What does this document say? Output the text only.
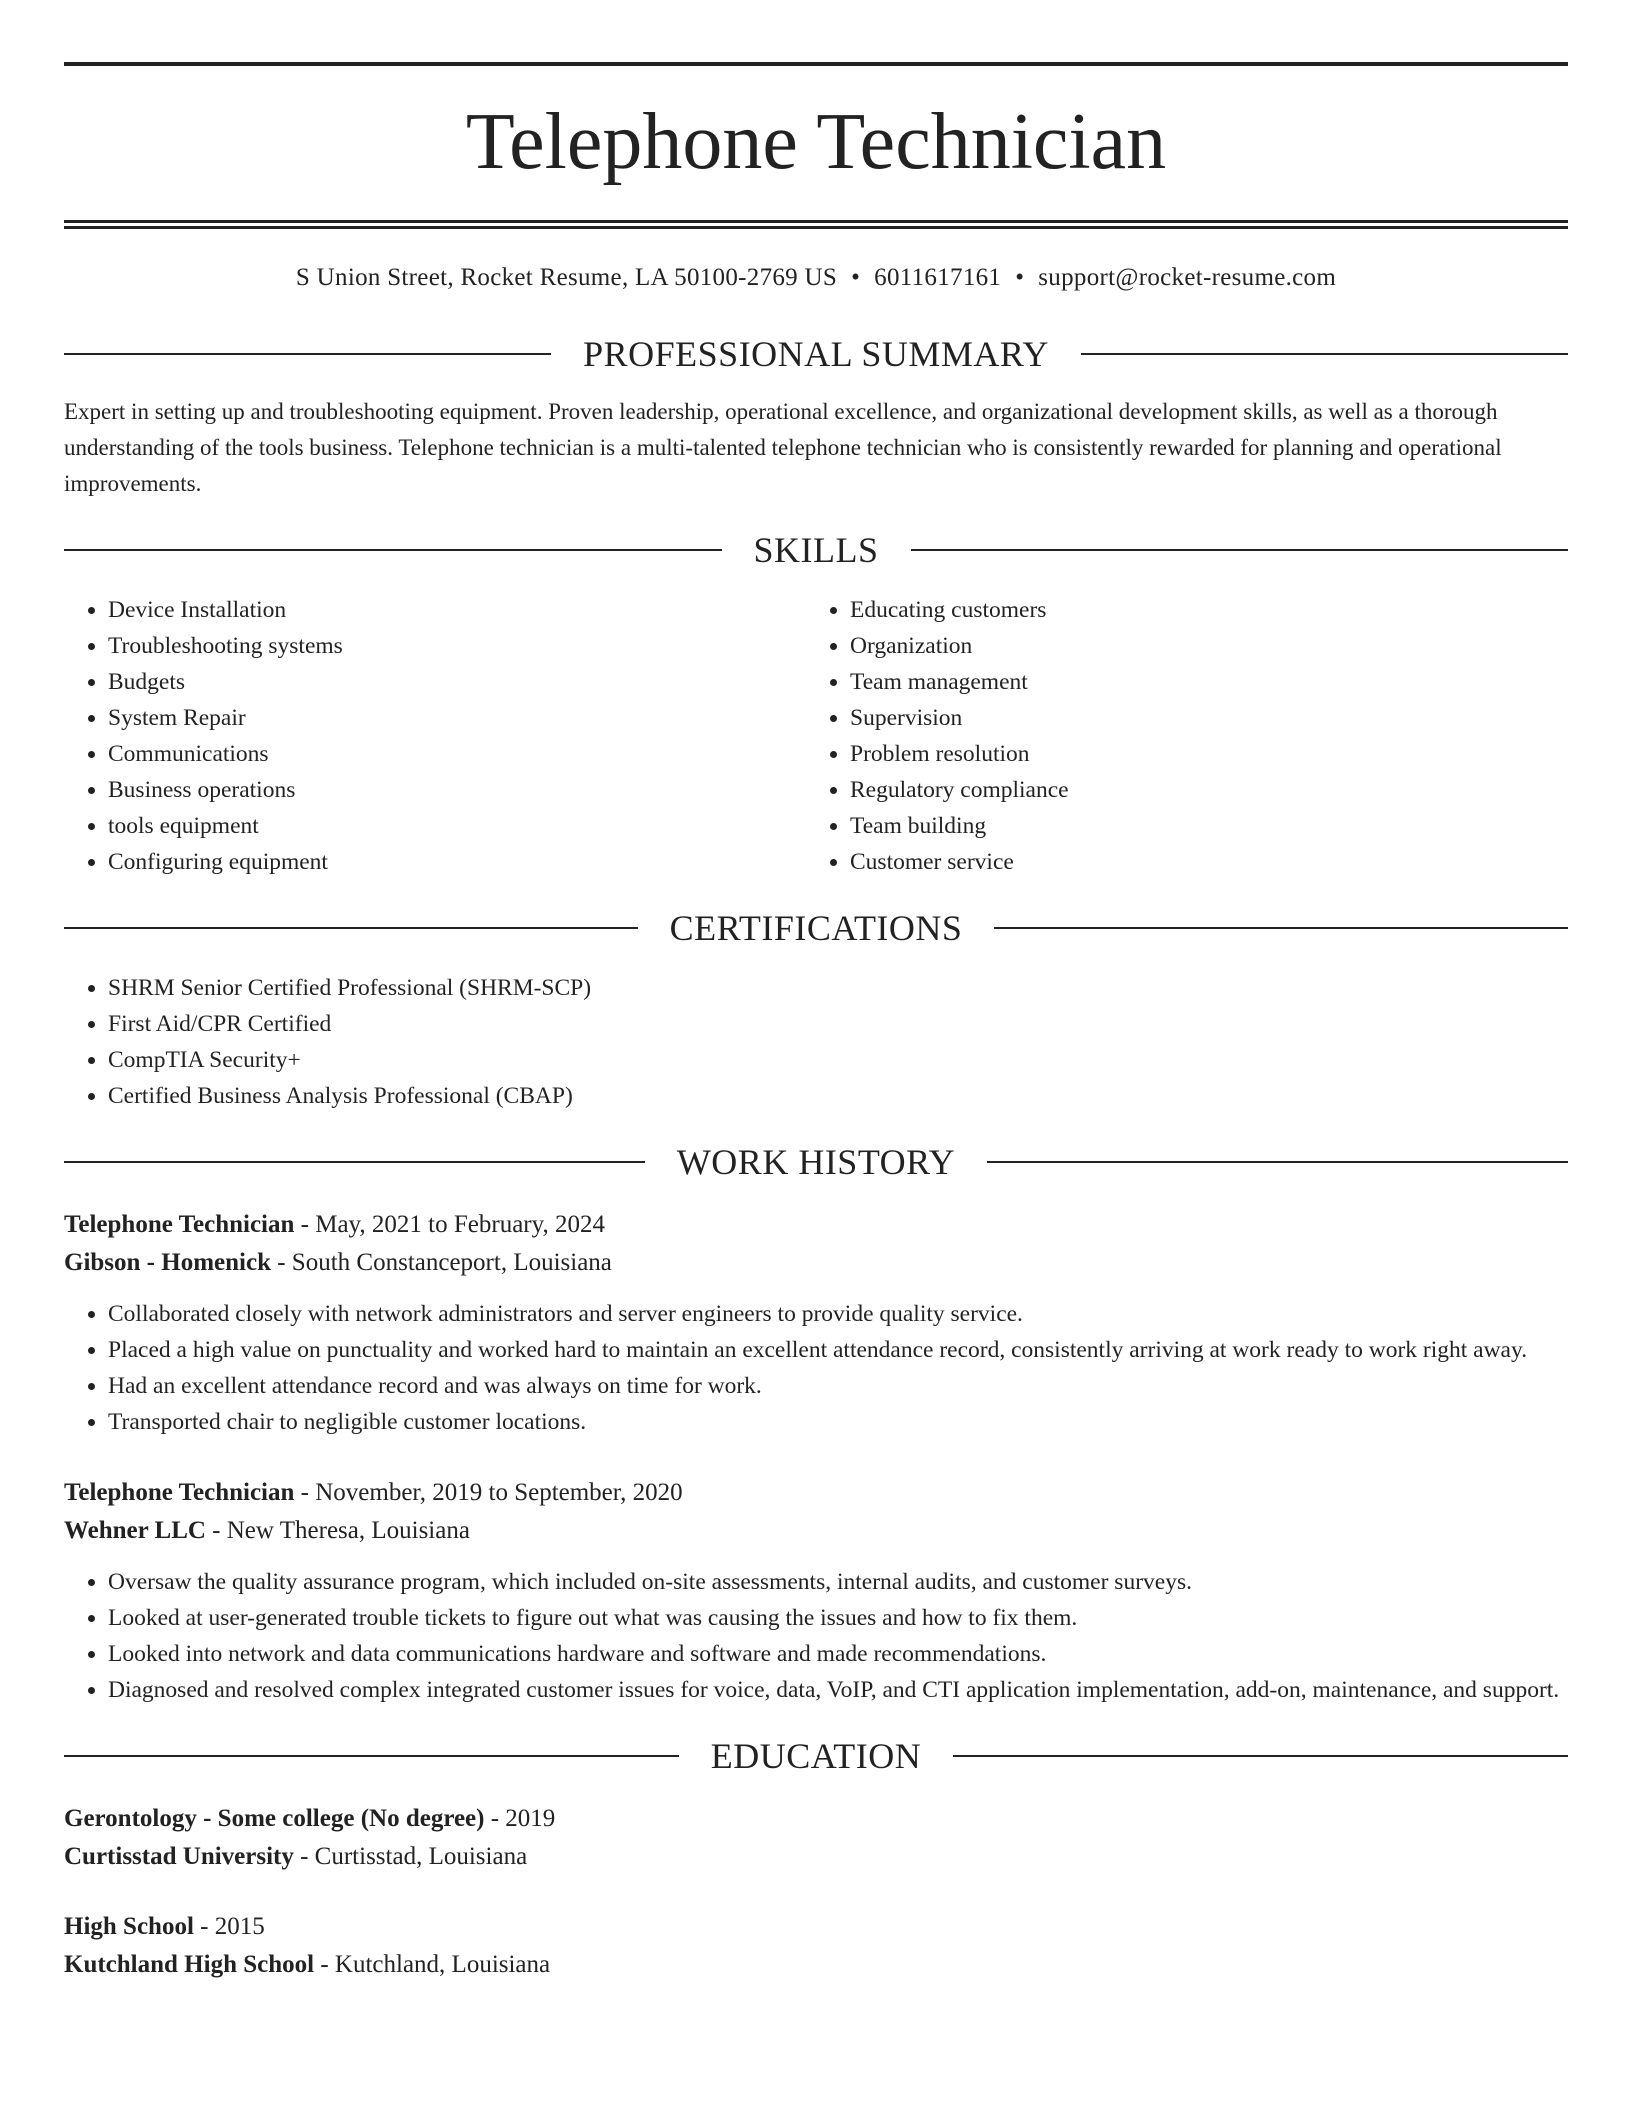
Telephone Technician
S Union Street, Rocket Resume, LA 50100-2769 US • 6011617161 • support@rocket-resume.com
PROFESSIONAL SUMMARY
Expert in setting up and troubleshooting equipment. Proven leadership, operational excellence, and organizational development skills, as well as a thorough understanding of the tools business. Telephone technician is a multi-talented telephone technician who is consistently rewarded for planning and operational improvements.
SKILLS
• Device Installation
• Troubleshooting systems
• Budgets
• System Repair
• Communications
• Business operations
• tools equipment
• Configuring equipment
• Educating customers
• Organization
• Team management
• Supervision
• Problem resolution
• Regulatory compliance
• Team building
• Customer service
CERTIFICATIONS
• SHRM Senior Certified Professional (SHRM-SCP)
• First Aid/CPR Certified
• CompTIA Security+
• Certified Business Analysis Professional (CBAP)
WORK HISTORY
Telephone Technician - May, 2021 to February, 2024
Gibson - Homenick - South Constanceport, Louisiana
• Collaborated closely with network administrators and server engineers to provide quality service.
• Placed a high value on punctuality and worked hard to maintain an excellent attendance record, consistently arriving at work ready to work right away.
• Had an excellent attendance record and was always on time for work.
• Transported chair to negligible customer locations.
Telephone Technician - November, 2019 to September, 2020
Wehner LLC - New Theresa, Louisiana
• Oversaw the quality assurance program, which included on-site assessments, internal audits, and customer surveys.
• Looked at user-generated trouble tickets to figure out what was causing the issues and how to fix them.
• Looked into network and data communications hardware and software and made recommendations.
• Diagnosed and resolved complex integrated customer issues for voice, data, VoIP, and CTI application implementation, add-on, maintenance, and support.
EDUCATION
Gerontology - Some college (No degree) - 2019
Curtisstad University - Curtisstad, Louisiana
High School - 2015
Kutchland High School - Kutchland, Louisiana
